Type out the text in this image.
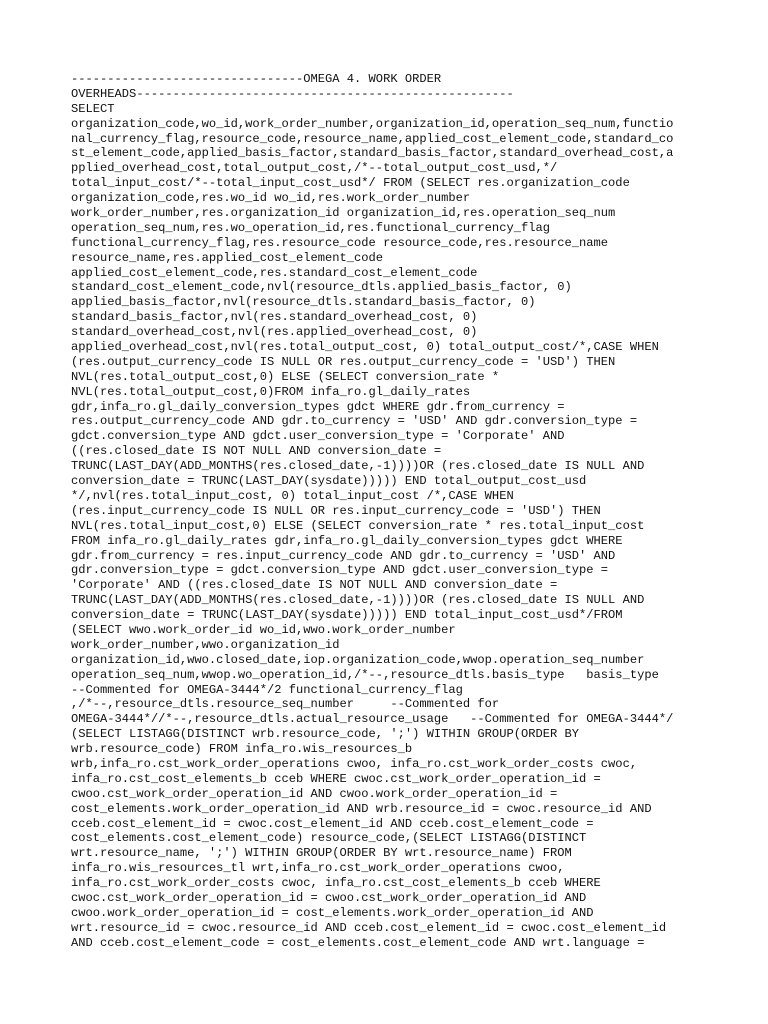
--------------------------------OMEGA 4. WORK ORDER
OVERHEADS----------------------------------------------------
SELECT
organization_code,wo_id,work_order_number,organization_id,operation_seq_num,functio
nal_currency_flag,resource_code,resource_name,applied_cost_element_code,standard_co
st_element_code,applied_basis_factor,standard_basis_factor,standard_overhead_cost,a
pplied_overhead_cost,total_output_cost,/*--total_output_cost_usd,*/
total_input_cost/*--total_input_cost_usd*/ FROM (SELECT res.organization_code
organization_code,res.wo_id wo_id,res.work_order_number
work_order_number,res.organization_id organization_id,res.operation_seq_num
operation_seq_num,res.wo_operation_id,res.functional_currency_flag
functional_currency_flag,res.resource_code resource_code,res.resource_name
resource_name,res.applied_cost_element_code
applied_cost_element_code,res.standard_cost_element_code
standard_cost_element_code,nvl(resource_dtls.applied_basis_factor, 0)
applied_basis_factor,nvl(resource_dtls.standard_basis_factor, 0)
standard_basis_factor,nvl(res.standard_overhead_cost, 0)
standard_overhead_cost,nvl(res.applied_overhead_cost, 0)
applied_overhead_cost,nvl(res.total_output_cost, 0) total_output_cost/*,CASE WHEN
(res.output_currency_code IS NULL OR res.output_currency_code = 'USD') THEN
NVL(res.total_output_cost,0) ELSE (SELECT conversion_rate *
NVL(res.total_output_cost,0)FROM infa_ro.gl_daily_rates
gdr,infa_ro.gl_daily_conversion_types gdct WHERE gdr.from_currency =
res.output_currency_code AND gdr.to_currency = 'USD' AND gdr.conversion_type =
gdct.conversion_type AND gdct.user_conversion_type = 'Corporate' AND
((res.closed_date IS NOT NULL AND conversion_date =
TRUNC(LAST_DAY(ADD_MONTHS(res.closed_date,-1))))OR (res.closed_date IS NULL AND
conversion_date = TRUNC(LAST_DAY(sysdate))))) END total_output_cost_usd
*/,nvl(res.total_input_cost, 0) total_input_cost /*,CASE WHEN
(res.input_currency_code IS NULL OR res.input_currency_code = 'USD') THEN
NVL(res.total_input_cost,0) ELSE (SELECT conversion_rate * res.total_input_cost
FROM infa_ro.gl_daily_rates gdr,infa_ro.gl_daily_conversion_types gdct WHERE
gdr.from_currency = res.input_currency_code AND gdr.to_currency = 'USD' AND
gdr.conversion_type = gdct.conversion_type AND gdct.user_conversion_type =
'Corporate' AND ((res.closed_date IS NOT NULL AND conversion_date =
TRUNC(LAST_DAY(ADD_MONTHS(res.closed_date,-1))))OR (res.closed_date IS NULL AND
conversion_date = TRUNC(LAST_DAY(sysdate))))) END total_input_cost_usd*/FROM
(SELECT wwo.work_order_id wo_id,wwo.work_order_number
work_order_number,wwo.organization_id
organization_id,wwo.closed_date,iop.organization_code,wwop.operation_seq_number
operation_seq_num,wwop.wo_operation_id,/*--,resource_dtls.basis_type   basis_type
--Commented for OMEGA-3444*/2 functional_currency_flag
,/*--,resource_dtls.resource_seq_number     --Commented for
OMEGA-3444*//*--,resource_dtls.actual_resource_usage   --Commented for OMEGA-3444*/
(SELECT LISTAGG(DISTINCT wrb.resource_code, ';') WITHIN GROUP(ORDER BY
wrb.resource_code) FROM infa_ro.wis_resources_b
wrb,infa_ro.cst_work_order_operations cwoo, infa_ro.cst_work_order_costs cwoc,
infa_ro.cst_cost_elements_b cceb WHERE cwoc.cst_work_order_operation_id =
cwoo.cst_work_order_operation_id AND cwoo.work_order_operation_id =
cost_elements.work_order_operation_id AND wrb.resource_id = cwoc.resource_id AND
cceb.cost_element_id = cwoc.cost_element_id AND cceb.cost_element_code =
cost_elements.cost_element_code) resource_code,(SELECT LISTAGG(DISTINCT
wrt.resource_name, ';') WITHIN GROUP(ORDER BY wrt.resource_name) FROM
infa_ro.wis_resources_tl wrt,infa_ro.cst_work_order_operations cwoo,
infa_ro.cst_work_order_costs cwoc, infa_ro.cst_cost_elements_b cceb WHERE
cwoc.cst_work_order_operation_id = cwoo.cst_work_order_operation_id AND
cwoo.work_order_operation_id = cost_elements.work_order_operation_id AND
wrt.resource_id = cwoc.resource_id AND cceb.cost_element_id = cwoc.cost_element_id
AND cceb.cost_element_code = cost_elements.cost_element_code AND wrt.language =
